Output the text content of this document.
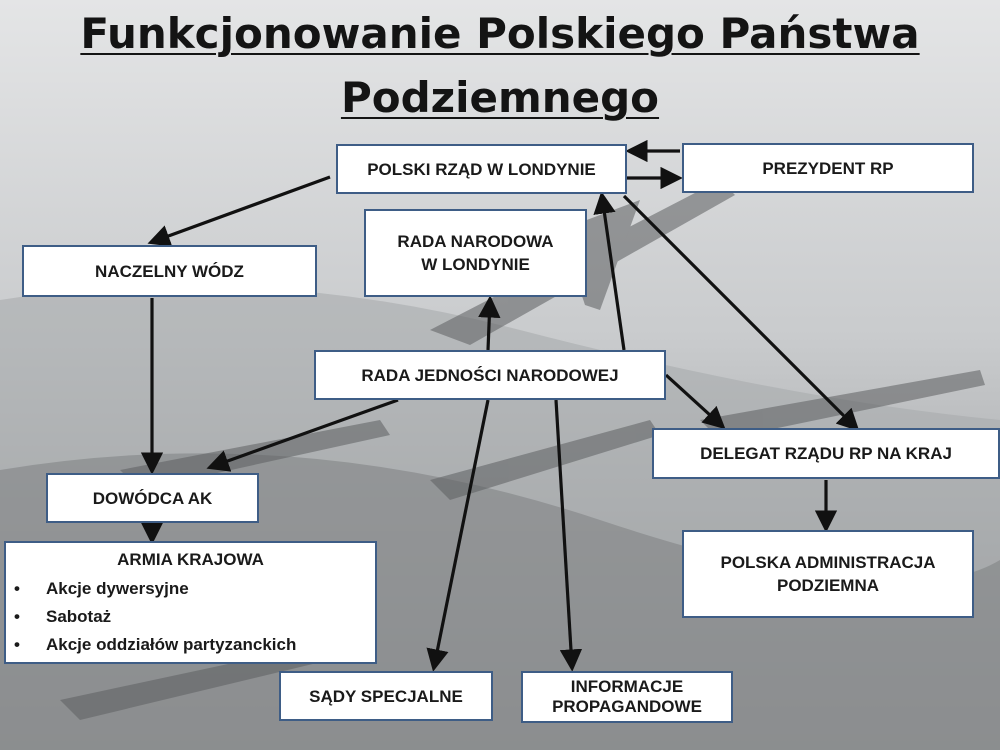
Funkcjonowanie Polskiego Państwa
Podziemnego
POLSKI RZĄD W LONDYNIE	PREZYDENT RP
NACZELNY WÓDZ
RADA NARODOWA
W LONDYNIE
RADA JEDNOŚCI NARODOWEJ
DELEGAT RZĄDU RP NA KRAJ
DOWÓDCA AK
POLSKA ADMINISTRACJA
PODZIEMNA
SĄDY SPECJALNE	INFORMACJE
PROPAGANDOWE
ARMIA KRAJOWA
• Akcje dywersyjne
• Sabotaż
• Akcje oddziałów partyzanckich
